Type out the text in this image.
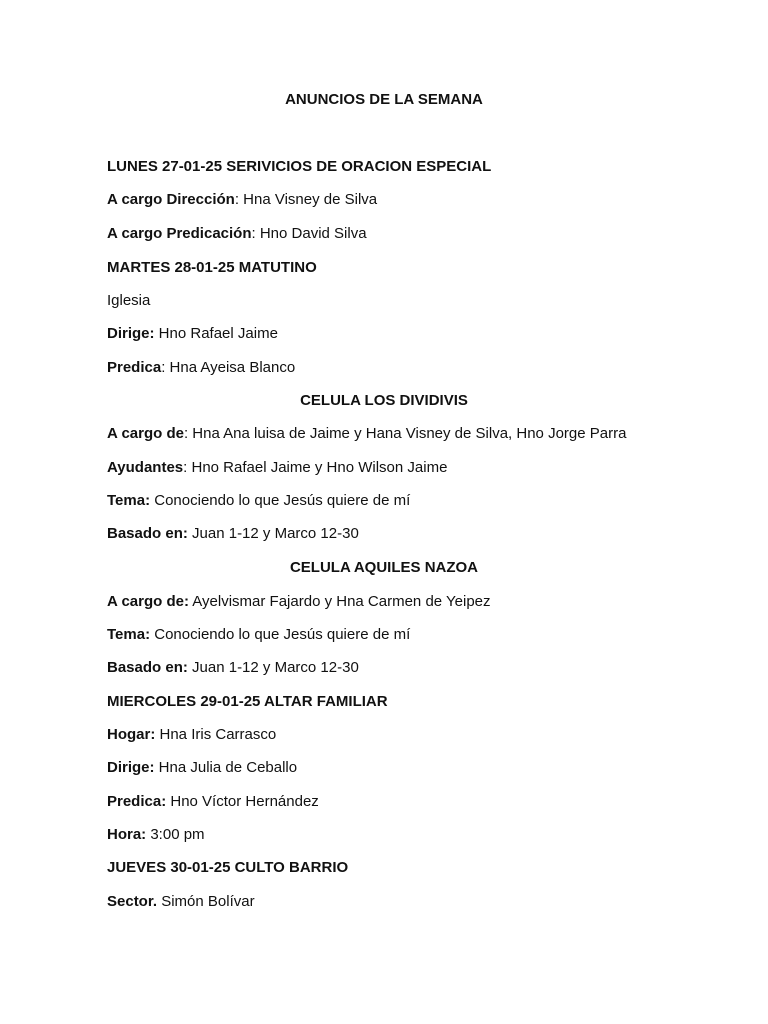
ANUNCIOS DE LA SEMANA
LUNES 27-01-25 SERIVICIOS DE ORACION ESPECIAL
A cargo Dirección: Hna Visney de Silva
A cargo Predicación: Hno David Silva
MARTES 28-01-25 MATUTINO
Iglesia
Dirige: Hno Rafael Jaime
Predica: Hna Ayeisa Blanco
CELULA LOS DIVIDIVIS
A cargo de: Hna Ana luisa de Jaime y Hana Visney de Silva, Hno Jorge Parra
Ayudantes: Hno Rafael Jaime y Hno Wilson Jaime
Tema: Conociendo lo que Jesús quiere de mí
Basado en: Juan 1-12 y Marco 12-30
CELULA AQUILES NAZOA
A cargo de: Ayelvismar Fajardo y Hna Carmen de Yeipez
Tema: Conociendo lo que Jesús quiere de mí
Basado en: Juan 1-12 y Marco 12-30
MIERCOLES 29-01-25 ALTAR FAMILIAR
Hogar: Hna Iris Carrasco
Dirige: Hna Julia de Ceballo
Predica: Hno Víctor Hernández
Hora: 3:00 pm
JUEVES 30-01-25 CULTO BARRIO
Sector. Simón Bolívar
